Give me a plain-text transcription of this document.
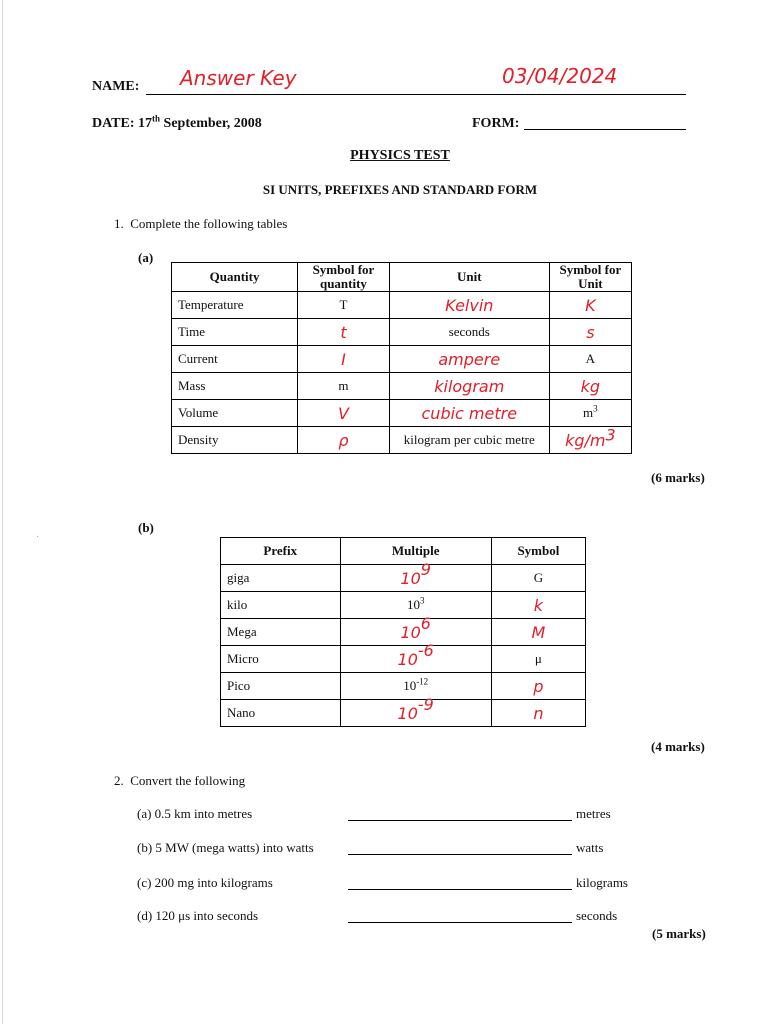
NAME: Answer Key	03/04/2024
DATE: 17th September, 2008	FORM:
PHYSICS TEST
SI UNITS, PREFIXES AND STANDARD FORM
1. Complete the following tables
(a)
Quantity	Symbol for quantity	Unit	Symbol for Unit
Temperature	T	Kelvin	K
Time	t	seconds	s
Current	I	ampere	A
Mass	m	kilogram	kg
Volume	V	cubic metre	$m^3$
Density	ρ	kilogram per cubic metre	$kg/m^3$
(6 marks)
·
(b)
Prefix	Multiple	Symbol
giga	$10^9$	G
kilo	$10^3$	k
Mega	$10^6$	M
Micro	$10^{-6}$	μ
Pico	$10^{-12}$	p
Nano	$10^{-9}$	n
(4 marks)
2. Convert the following
(a) 0.5 km into metres	metres
(b) 5 MW (mega watts) into watts	watts
(c) 200 mg into kilograms	kilograms
(d) 120 μs into seconds	seconds
(5 marks)
